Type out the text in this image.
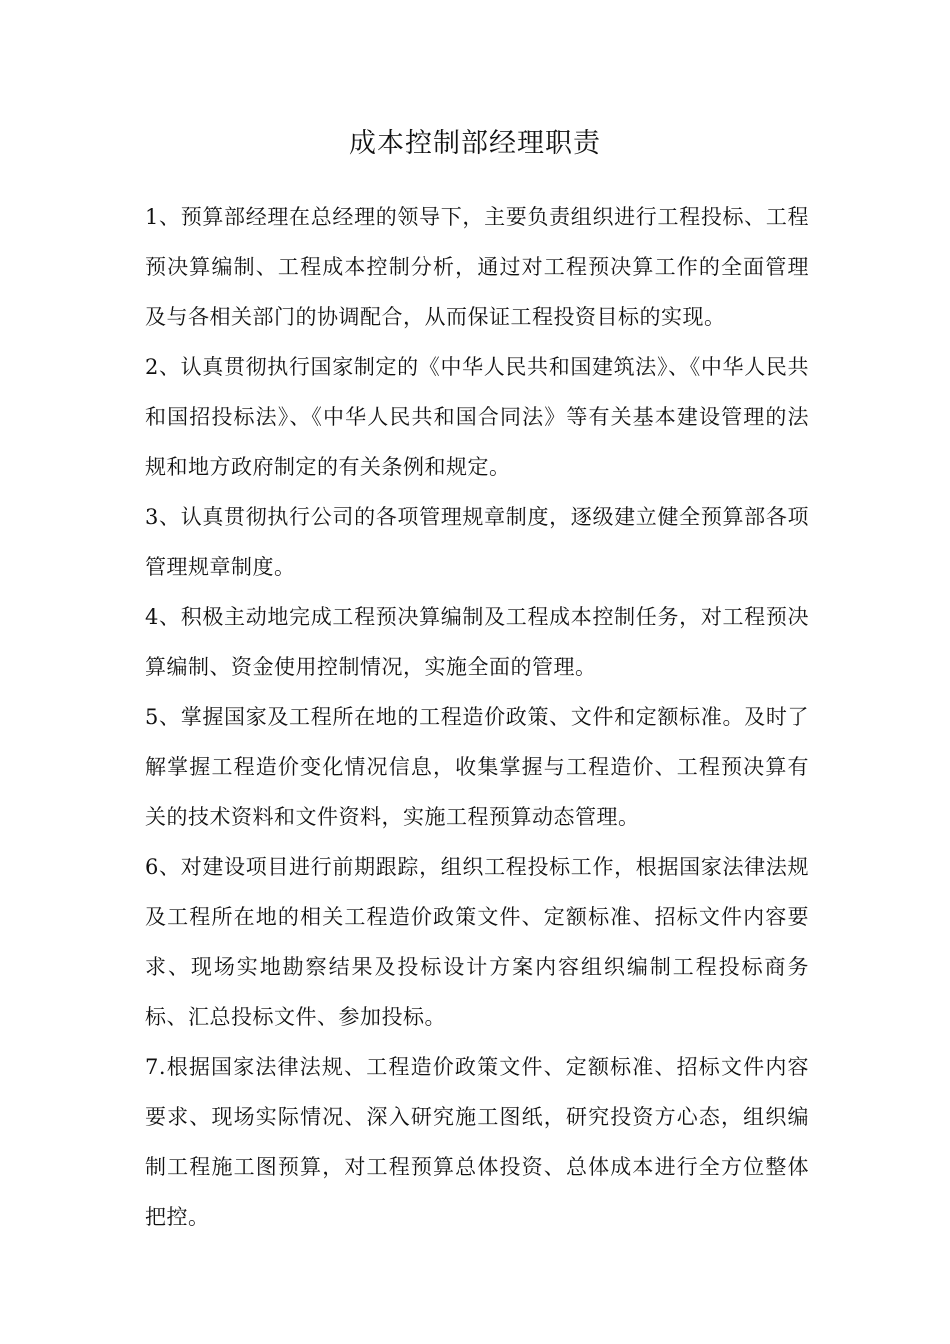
成本控制部经理职责

1、预算部经理在总经理的领导下，主要负责组织进行工程投标、工程预决算编制、工程成本控制分析，通过对工程预决算工作的全面管理及与各相关部门的协调配合，从而保证工程投资目标的实现。

2、认真贯彻执行国家制定的《中华人民共和国建筑法》、《中华人民共和国招投标法》、《中华人民共和国合同法》等有关基本建设管理的法规和地方政府制定的有关条例和规定。

3、认真贯彻执行公司的各项管理规章制度，逐级建立健全预算部各项管理规章制度。

4、积极主动地完成工程预决算编制及工程成本控制任务，对工程预决算编制、资金使用控制情况，实施全面的管理。

5、掌握国家及工程所在地的工程造价政策、文件和定额标准。及时了解掌握工程造价变化情况信息，收集掌握与工程造价、工程预决算有关的技术资料和文件资料，实施工程预算动态管理。

6、对建设项目进行前期跟踪，组织工程投标工作，根据国家法律法规及工程所在地的相关工程造价政策文件、定额标准、招标文件内容要求、现场实地勘察结果及投标设计方案内容组织编制工程投标商务标、汇总投标文件、参加投标。

7.根据国家法律法规、工程造价政策文件、定额标准、招标文件内容要求、现场实际情况、深入研究施工图纸，研究投资方心态，组织编制工程施工图预算，对工程预算总体投资、总体成本进行全方位整体把控。
